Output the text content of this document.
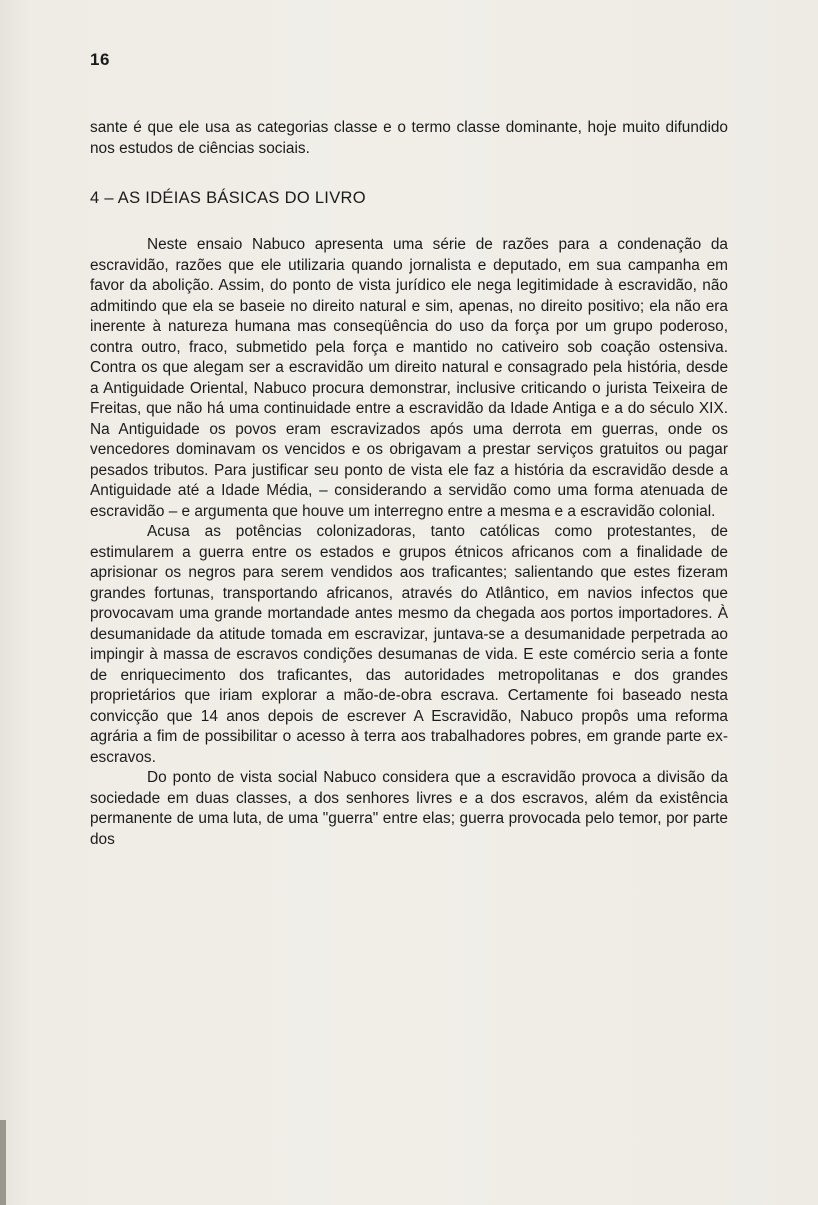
16
sante é que ele usa as categorias classe e o termo classe dominante, hoje muito difundido nos estudos de ciências sociais.
4 – AS IDÉIAS BÁSICAS DO LIVRO

Neste ensaio Nabuco apresenta uma série de razões para a condenação da escravidão, razões que ele utilizaria quando jornalista e deputado, em sua campanha em favor da abolição. Assim, do ponto de vista jurídico ele nega legitimidade à escravidão, não admitindo que ela se baseie no direito natural e sim, apenas, no direito positivo; ela não era inerente à natureza humana mas conseqüência do uso da força por um grupo poderoso, contra outro, fraco, submetido pela força e mantido no cativeiro sob coação ostensiva. Contra os que alegam ser a escravidão um direito natural e consagrado pela história, desde a Antiguidade Oriental, Nabuco procura demonstrar, inclusive criticando o jurista Teixeira de Freitas, que não há uma continuidade entre a escravidão da Idade Antiga e a do século XIX. Na Antiguidade os povos eram escravizados após uma derrota em guerras, onde os vencedores dominavam os vencidos e os obrigavam a prestar serviços gratuitos ou pagar pesados tributos. Para justificar seu ponto de vista ele faz a história da escravidão desde a Antiguidade até a Idade Média, – considerando a servidão como uma forma atenuada de escravidão – e argumenta que houve um interregno entre a mesma e a escravidão colonial.

Acusa as potências colonizadoras, tanto católicas como protestantes, de estimularem a guerra entre os estados e grupos étnicos africanos com a finalidade de aprisionar os negros para serem vendidos aos traficantes; salientando que estes fizeram grandes fortunas, transportando africanos, através do Atlântico, em navios infectos que provocavam uma grande mortandade antes mesmo da chegada aos portos importadores. À desumanidade da atitude tomada em escravizar, juntava-se a desumanidade perpetrada ao impingir à massa de escravos condições desumanas de vida. E este comércio seria a fonte de enriquecimento dos traficantes, das autoridades metropolitanas e dos grandes proprietários que iriam explorar a mão-de-obra escrava. Certamente foi baseado nesta convicção que 14 anos depois de escrever A Escravidão, Nabuco propôs uma reforma agrária a fim de possibilitar o acesso à terra aos trabalhadores pobres, em grande parte ex-escravos.

Do ponto de vista social Nabuco considera que a escravidão provoca a divisão da sociedade em duas classes, a dos senhores livres e a dos escravos, além da existência permanente de uma luta, de uma "guerra" entre elas; guerra provocada pelo temor, por parte dos
